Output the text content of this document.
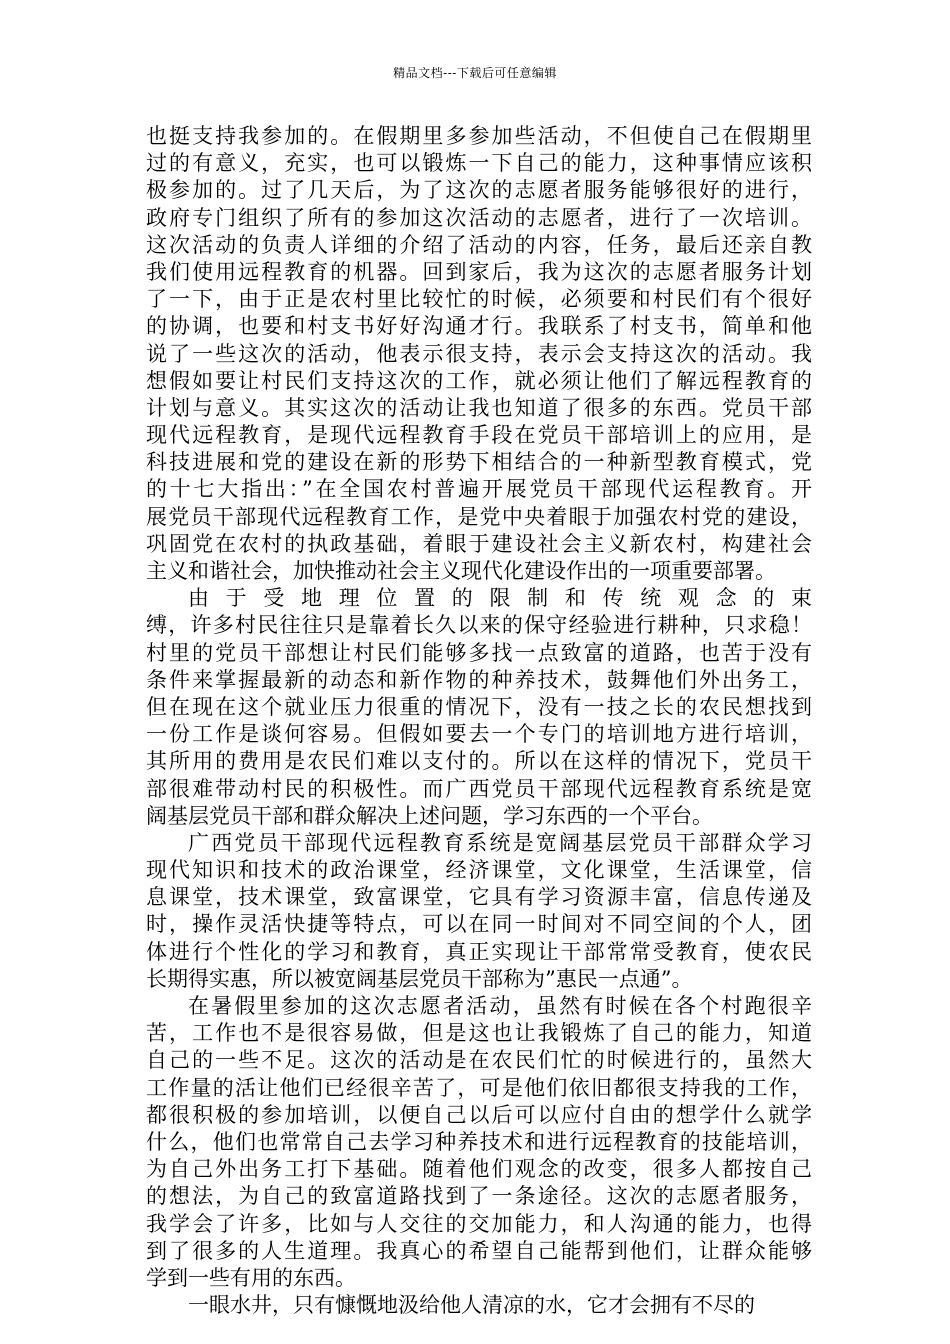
精品文档---下载后可任意编辑
也挺支持我参加的。在假期里多参加些活动，不但使自己在假期里
过的有意义，充实，也可以锻炼一下自己的能力，这种事情应该积
极参加的。过了几天后，为了这次的志愿者服务能够很好的进行，
政府专门组织了所有的参加这次活动的志愿者，进行了一次培训。
这次活动的负责人详细的介绍了活动的内容，任务，最后还亲自教
我们使用远程教育的机器。回到家后，我为这次的志愿者服务计划
了一下，由于正是农村里比较忙的时候，必须要和村民们有个很好
的协调，也要和村支书好好沟通才行。我联系了村支书，简单和他
说了一些这次的活动，他表示很支持，表示会支持这次的活动。我
想假如要让村民们支持这次的工作，就必须让他们了解远程教育的
计划与意义。其实这次的活动让我也知道了很多的东西。党员干部
现代远程教育，是现代远程教育手段在党员干部培训上的应用，是
科技进展和党的建设在新的形势下相结合的一种新型教育模式，党
的十七大指出：”在全国农村普遍开展党员干部现代运程教育。开
展党员干部现代远程教育工作，是党中央着眼于加强农村党的建设，
巩固党在农村的执政基础，着眼于建设社会主义新农村，构建社会
主义和谐社会，加快推动社会主义现代化建设作出的一项重要部署。
由于受地理位置的限制和传统观念的束
缚，许多村民往往只是靠着长久以来的保守经验进行耕种，只求稳！
村里的党员干部想让村民们能够多找一点致富的道路，也苦于没有
条件来掌握最新的动态和新作物的种养技术，鼓舞他们外出务工，
但在现在这个就业压力很重的情况下，没有一技之长的农民想找到
一份工作是谈何容易。但假如要去一个专门的培训地方进行培训，
其所用的费用是农民们难以支付的。所以在这样的情况下，党员干
部很难带动村民的积极性。而广西党员干部现代远程教育系统是宽
阔基层党员干部和群众解决上述问题，学习东西的一个平台。
广西党员干部现代远程教育系统是宽阔基层党员干部群众学习
现代知识和技术的政治课堂，经济课堂，文化课堂，生活课堂，信
息课堂，技术课堂，致富课堂，它具有学习资源丰富，信息传递及
时，操作灵活快捷等特点，可以在同一时间对不同空间的个人，团
体进行个性化的学习和教育，真正实现让干部常常受教育，使农民
长期得实惠，所以被宽阔基层党员干部称为”惠民一点通”。
在暑假里参加的这次志愿者活动，虽然有时候在各个村跑很辛
苦，工作也不是很容易做，但是这也让我锻炼了自己的能力，知道
自己的一些不足。这次的活动是在农民们忙的时候进行的，虽然大
工作量的活让他们已经很辛苦了，可是他们依旧都很支持我的工作，
都很积极的参加培训，以便自己以后可以应付自由的想学什么就学
什么，他们也常常自己去学习种养技术和进行远程教育的技能培训，
为自己外出务工打下基础。随着他们观念的改变，很多人都按自己
的想法，为自己的致富道路找到了一条途径。这次的志愿者服务，
我学会了许多，比如与人交往的交加能力，和人沟通的能力，也得
到了很多的人生道理。我真心的希望自己能帮到他们，让群众能够
学到一些有用的东西。
一眼水井，只有慷慨地汲给他人清凉的水，它才会拥有不尽的
